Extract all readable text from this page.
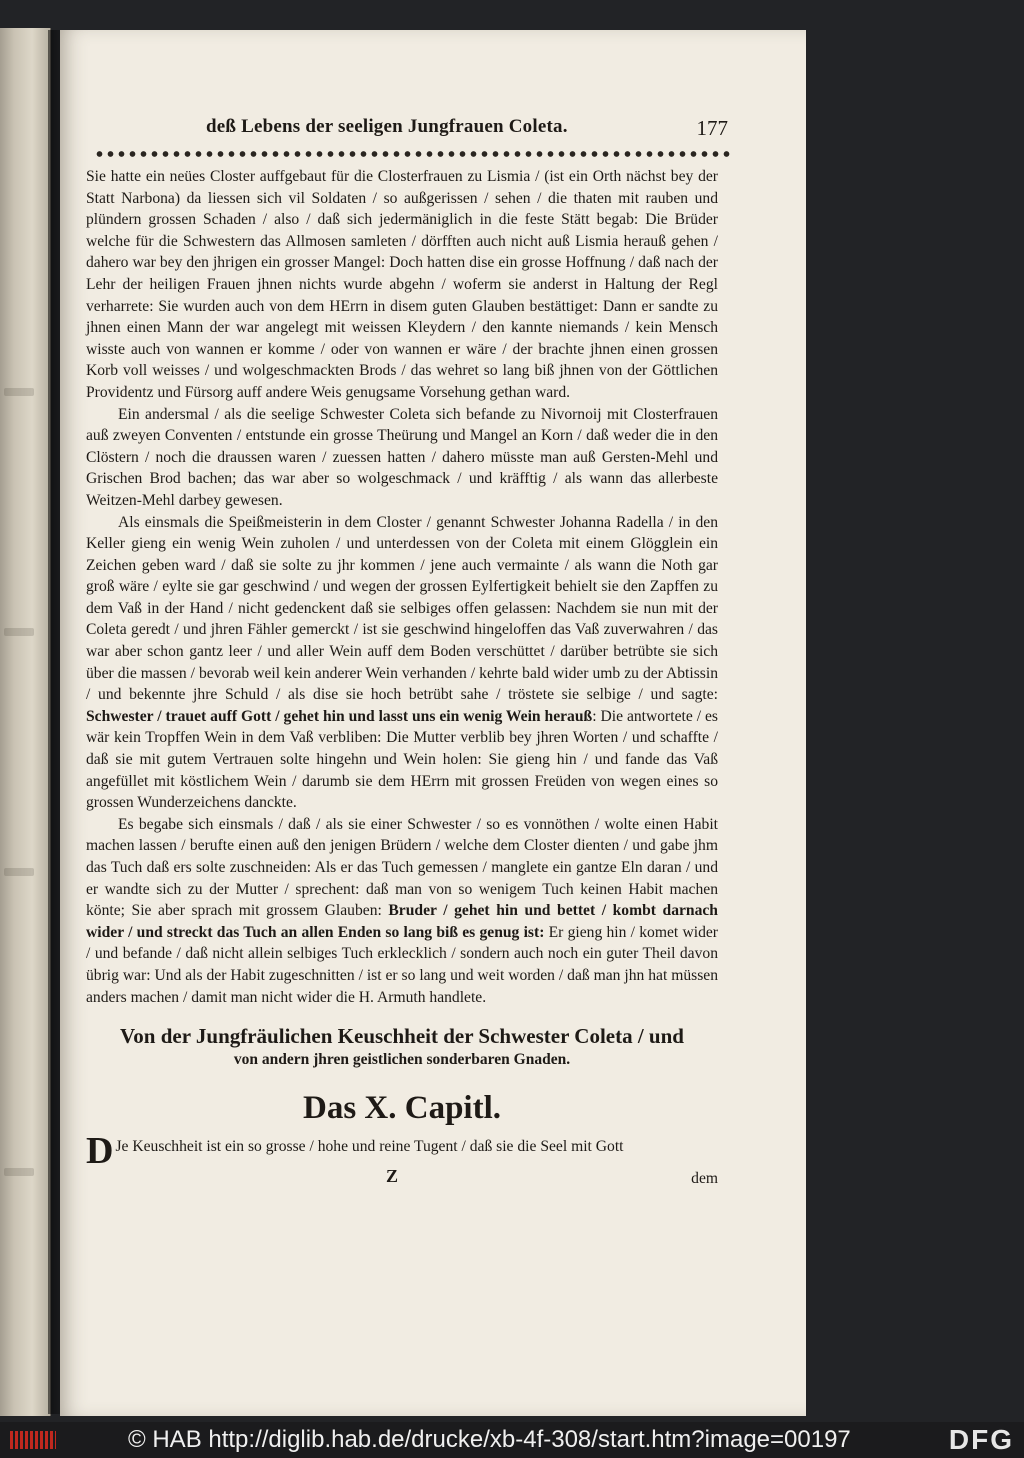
deß Lebens der seeligen Jungfrauen Coleta.	177

Sie hatte ein neües Closter auffgebaut für die Closterfrauen zu Lismia / (ist ein Orth nächst bey der Statt Narbona) da liessen sich vil Soldaten / so außgerissen / sehen / die thaten mit rauben und plündern grossen Schaden / also / daß sich jedermäniglich in die feste Stätt begab: Die Brüder welche für die Schwestern das Allmosen samleten / dörfften auch nicht auß Lismia herauß gehen / dahero war bey den jhrigen ein grosser Mangel: Doch hatten dise ein grosse Hoffnung / daß nach der Lehr der heiligen Frauen jhnen nichts wurde abgehn / woferm sie anderst in Haltung der Regl verharrete: Sie wurden auch von dem HErrn in disem guten Glauben bestättiget: Dann er sandte zu jhnen einen Mann der war angelegt mit weissen Kleydern / den kannte niemands / kein Mensch wisste auch von wannen er komme / oder von wannen er wäre / der brachte jhnen einen grossen Korb voll weisses / und wolgeschmackten Brods / das wehret so lang biß jhnen von der Göttlichen Providentz und Fürsorg auff andere Weis genugsame Vorsehung gethan ward.

Ein andersmal / als die seelige Schwester Coleta sich befande zu Nivornoij mit Closterfrauen auß zweyen Conventen / entstunde ein grosse Theürung und Mangel an Korn / daß weder die in den Clöstern / noch die draussen waren / zuessen hatten / dahero müsste man auß Gersten-Mehl und Grischen Brod bachen; das war aber so wolgeschmack / und kräfftig / als wann das allerbeste Weitzen-Mehl darbey gewesen.

Als einsmals die Speißmeisterin in dem Closter / genannt Schwester Johanna Radella / in den Keller gieng ein wenig Wein zuholen / und unterdessen von der Coleta mit einem Glögglein ein Zeichen geben ward / daß sie solte zu jhr kommen / jene auch vermainte / als wann die Noth gar groß wäre / eylte sie gar geschwind / und wegen der grossen Eylfertigkeit behielt sie den Zapffen zu dem Vaß in der Hand / nicht gedenckent daß sie selbiges offen gelassen: Nachdem sie nun mit der Coleta geredt / und jhren Fähler gemerckt / ist sie geschwind hingeloffen das Vaß zuverwahren / das war aber schon gantz leer / und aller Wein auff dem Boden verschüttet / darüber betrübte sie sich über die massen / bevorab weil kein anderer Wein verhanden / kehrte bald wider umb zu der Abtissin / und bekennte jhre Schuld / als dise sie hoch betrübt sahe / tröstete sie selbige / und sagte: Schwester / trauet auff Gott / gehet hin und lasst uns ein wenig Wein herauß: Die antwortete / es wär kein Tropffen Wein in dem Vaß verbliben: Die Mutter verblib bey jhren Worten / und schaffte / daß sie mit gutem Vertrauen solte hingehn und Wein holen: Sie gieng hin / und fande das Vaß angefüllet mit köstlichem Wein / darumb sie dem HErrn mit grossen Freüden von wegen eines so grossen Wunderzeichens danckte.

Es begabe sich einsmals / daß / als sie einer Schwester / so es vonnöthen / wolte einen Habit machen lassen / berufte einen auß den jenigen Brüdern / welche dem Closter dienten / und gabe jhm das Tuch daß ers solte zuschneiden: Als er das Tuch gemessen / manglete ein gantze Eln daran / und er wandte sich zu der Mutter / sprechent: daß man von so wenigem Tuch keinen Habit machen könte; Sie aber sprach mit grossem Glauben: Bruder / gehet hin und bettet / kombt darnach wider / und streckt das Tuch an allen Enden so lang biß es genug ist: Er gieng hin / komet wider / und befande / daß nicht allein selbiges Tuch erklecklich / sondern auch noch ein guter Theil davon übrig war: Und als der Habit zugeschnitten / ist er so lang und weit worden / daß man jhn hat müssen anders machen / damit man nicht wider die H. Armuth handlete.

Von der Jungfräulichen Keuschheit der Schwester Coleta / und
von andern jhren geistlichen sonderbaren Gnaden.
Das X. Capitl.
D Je Keuschheit ist ein so grosse / hohe und reine Tugent / daß sie die Seel mit Gott
Z	dem
© HAB http://diglib.hab.de/drucke/xb-4f-308/start.htm?image=00197	DFG
